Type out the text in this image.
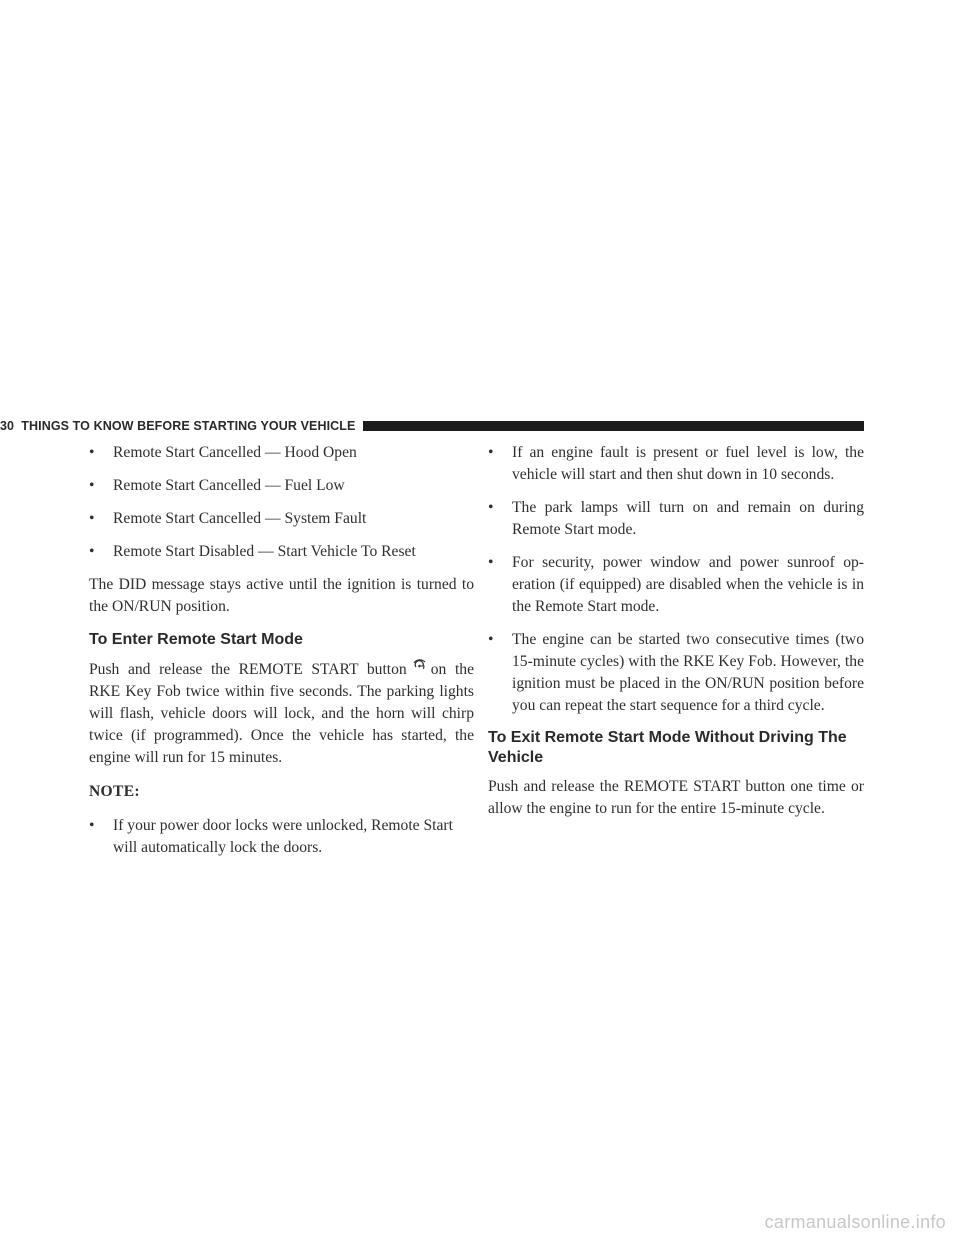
30 THINGS TO KNOW BEFORE STARTING YOUR VEHICLE
•	Remote Start Cancelled — Hood Open
•	Remote Start Cancelled — Fuel Low
•	Remote Start Cancelled — System Fault
•	Remote Start Disabled — Start Vehicle To Reset

The DID message stays active until the ignition is turned to the ON/RUN position.

To Enter Remote Start Mode

Push and release the REMOTE START button on the RKE Key Fob twice within five seconds. The parking lights will flash, vehicle doors will lock, and the horn will chirp twice (if programmed). Once the vehicle has started, the engine will run for 15 minutes.

NOTE:

•	If your power door locks were unlocked, Remote Start will automatically lock the doors.
•	If an engine fault is present or fuel level is low, the vehicle will start and then shut down in 10 seconds.
•	The park lamps will turn on and remain on during Remote Start mode.
•	For security, power window and power sunroof op-eration (if equipped) are disabled when the vehicle is in the Remote Start mode.
•	The engine can be started two consecutive times (two 15-minute cycles) with the RKE Key Fob. However, the ignition must be placed in the ON/RUN position before you can repeat the start sequence for a third cycle.
To Exit Remote Start Mode Without Driving The Vehicle

Push and release the REMOTE START button one time or allow the engine to run for the entire 15-minute cycle.

carmanualsonline.info
